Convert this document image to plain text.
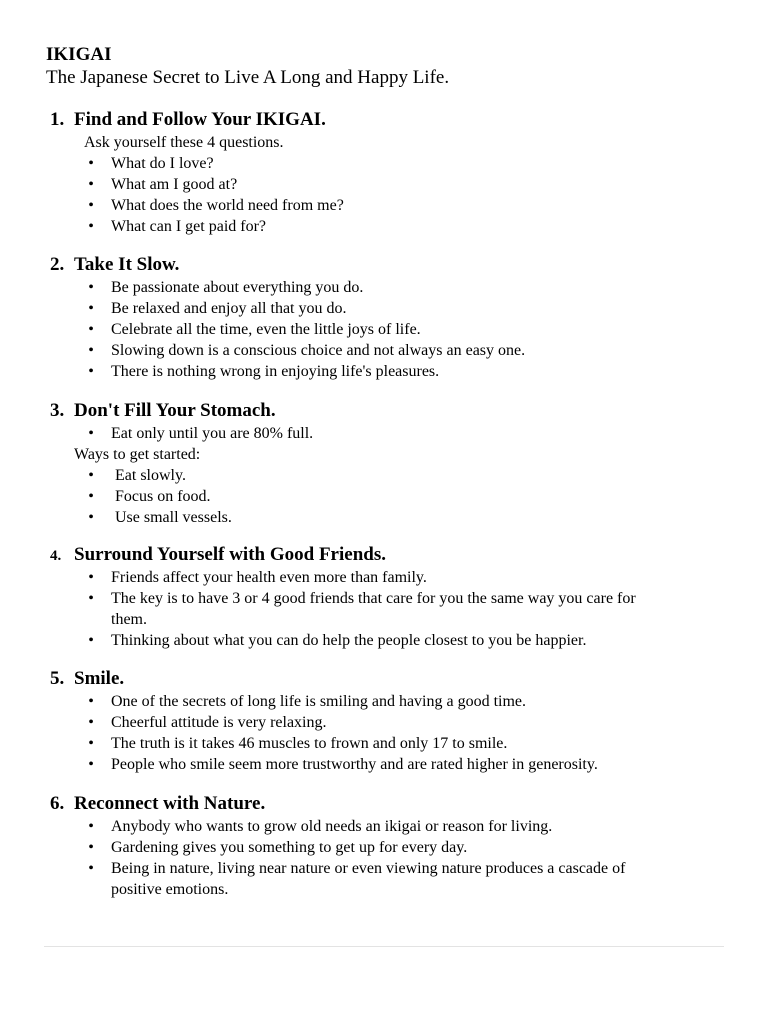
IKIGAI
The Japanese Secret to Live A Long and Happy Life.
1. Find and Follow Your IKIGAI.
Ask yourself these 4 questions.
•	What do I love?
•	What am I good at?
•	What does the world need from me?
•	What can I get paid for?
2. Take It Slow.
•	Be passionate about everything you do.
•	Be relaxed and enjoy all that you do.
•	Celebrate all the time, even the little joys of life.
•	Slowing down is a conscious choice and not always an easy one.
•	There is nothing wrong in enjoying life's pleasures.
3. Don't Fill Your Stomach.
•	Eat only until you are 80% full.
Ways to get started:
•	Eat slowly.
•	Focus on food.
•	Use small vessels.
4. Surround Yourself with Good Friends.
•	Friends affect your health even more than family.
•	The key is to have 3 or 4 good friends that care for you the same way you care for
them.
•	Thinking about what you can do help the people closest to you be happier.
5. Smile.
•	One of the secrets of long life is smiling and having a good time.
•	Cheerful attitude is very relaxing.
•	The truth is it takes 46 muscles to frown and only 17 to smile.
•	People who smile seem more trustworthy and are rated higher in generosity.
6. Reconnect with Nature.
•	Anybody who wants to grow old needs an ikigai or reason for living.
•	Gardening gives you something to get up for every day.
•	Being in nature, living near nature or even viewing nature produces a cascade of
positive emotions.
